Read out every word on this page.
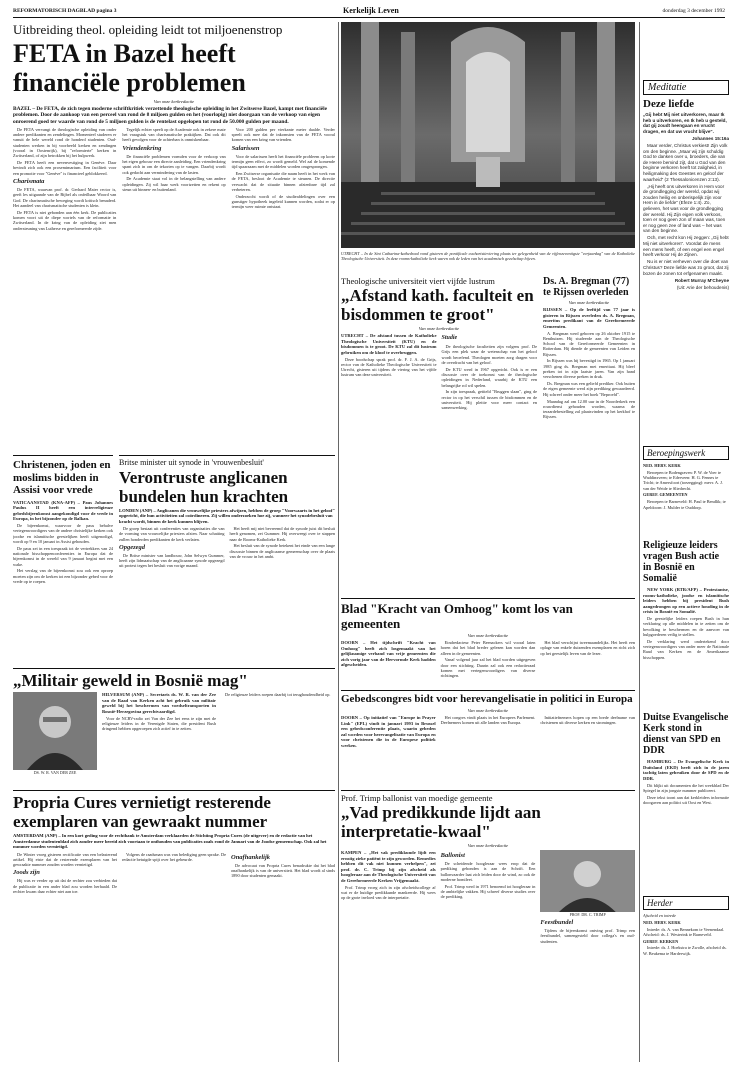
REFORMATORISCH DAGBLAD pagina 3	Kerkelijk Leven	donderdag 3 december 1992
Uitbreiding theol. opleiding leidt tot miljoenenstrop
FETA in Bazel heeft financiële problemen
Van onze kerkredactie
BAZEL – De FETA, de zich tegen moderne schriftkritiek verzettende theologische opleiding in het Zwitserse Bazel, kampt met financiële problemen. Door de aankoop van een perceel van rond de 8 miljoen gulden en het (voorlopig) niet doorgaan van de verkoop van eigen onroerend goed ter waarde van rond de 5 miljoen gulden is de rentelast opgelopen tot rond de 50.000 gulden per maand.

De FETA vervangt de theologische opleiding van onder andere predikanten en zendelingen. Momenteel studeren er vanuit de hele wereld rond de honderd studenten. Oud-studenten werken in bij voorbeeld kerken en zendingen (vooral in Oostenrijk), bij "reformierte" kerken in Zwitserland, of zijn betrokken bij het hulpwerk.

De FETA heeft een nevenvestiging in Genève. Daar bevindt zich ook een prosemimarium. Een faciliteit voor een promotie voor "Genève" is financieel geblokkeerd.

Charismata

De FETA, waarvan prof. dr. Gerhard Maier rector is, geeft les uitgaande van de Bijbel als onfeilbaar Woord van God. De charismatische beweging wordt kritisch benaderd. Het aandeel van charismatische studenten is klein.

De FETA is niet gebonden aan één kerk. De publicaties komen voort uit de diepe wortels van de reformatie in Zwitserland. In de kring van de opleiding ziet men ondersteuning van Lutherse en gereformeerde zijde.

Tegelijk echter speelt op de Academie ook in zekere mate het vraagstuk van charismatische praktijken. Dat ook dit heeft gevolgen voor de achterban is onmiskenbaar.

Vriendenkring

De financiële problemen vormden voor de verkoop van het eigen gebouw een directe aanleiding. Een vriendenkring spant zich in om de tekorten op te vangen. Daarbij wordt ook gedacht aan vermindering van de lasten.

De Academie staat vol in de belangstelling van andere opleidingen. Zij wil haar werk voortzetten en rekent op steun uit binnen- en buitenland.

Voor 200 gulden per vierkante meter daalde. Verder speelt ook mee dat de inkomsten van de FETA vooral komen van een kring van vrienden.

Salarissen

Voor de salarissen heeft het financiële probleem op korte termijn geen effect, zo wordt gemeld. Wel zal de komende tijd spaarzaam met de middelen worden omgesprongen.

Een Zwitserse organisatie die naam heeft in het werk van de FETA, besloot de Academie te steunen. De directie verwacht dat de situatie binnen afzienbare tijd zal verbeteren.

Onderzocht wordt of de studieafdelingen over een gunstiger hypotheek ingeleid kunnen worden, zodat er op termijn weer ruimte ontstaat.

UTRECHT – In de Sint Catharina-kathedraal vond gisteren de pontificale eucharistieviering plaats ter gelegenheid van de vijfenzeventigste "verjaardag" van de Katholieke Theologische Universiteit. In deze rooms-katholieke kerk waren ook de leden van het academisch gezelschap bijeen.
Meditatie
Deze liefde

„Gij hebt Mij niet uitverkoren, maar Ik heb u uitverkoren, en Ik heb u gesteld, dat gij zoudt heengaan en vrucht dragen, en dat uw vrucht blijve".

Johannes 15:16a

Maar verder, Christus verkiest! Zijn volk om den beginne. „Maar wij zijn schuldig God te danken over u, broeders, die van de Heere bemind zijt, dat u God van den beginne verkoren heeft tot zaligheid, in heiligmaking des Geestes en geloof der waarheid" (2 Thessalonicenzen 2:13).

„Hij heeft ons uitverkoren in Hem voor de grondlegging der wereld, opdat wij zouden heilig en onberispelijk zijn voor Hem in de liefde" (Efeze 1:4). Zo, gelieven, het was voor de grondlegging der wereld. Hij Zijn eigen volk verkoos, toen er nog geen zon of maan was, toen er nog geen zee of land was – het was van den beginne.

Och, met recht kon Hij zeggen: „Gij hebt Mij niet uitverkoren". Voordat de mens een mens heeft, of een engel een engel heeft verkoor Hij de Zijnen.

Nu is er niet verheven over die doet van Christus? Deze liefde was zo groot, dat zij bozen de zonen tot erfgenamen maakt.

Robert Murray M'Cheyne

(Uit: Arie der behoudenis)

Beroepingswerk

NED. HERV. KERK

Beroepen te Bodengraven: P. W. de Voer te Waddinxveen; te Ederveen: H. G. Fennes te Tricht; te Amersfoort (toezegging): mevr. A. J. van der Weide te Sliedrecht.

GEREF. GEMEENTEN

Beroepen te Barneveld: H. Paul te Bendlik; te Apeldoorn: J. Mulder te Ouddorp.

Religieuze leiders vragen Bush actie in Bosnië en Somalië

NEW YORK (RTR/AFP) – Protestantse, rooms-katholieke, joodse en islamitische leiders hebben bij president Bush aangedrongen op een actieve houding in de crisis in Bosnië en Somalië.

De geestelijke leiders roepen Bush in hun verklaring op alle middelen in te zetten om de bevolking te beschermen en de aanvoer van hulpgoederen veilig te stellen.

De verklaring werd ondertekend door vertegenwoordigers van onder meer de Nationale Raad van Kerken en de Amerikaanse bisschoppen.

Duitse Evangelische Kerk stond in dienst van SPD en DDR

HAMBURG – De Evangelische Kerk in Duitsland (EKD) heeft zich in de jaren tachtig laten gebruiken door de SPD en de DDR.

Dit blijkt uit documenten die het weekblad Der Spiegel in zijn jongste nummer publiceert.

Deze tekst toont aan dat kerkleiders informatie doorgaven aan politici uit Oost en West.

Herder

Afscheid en intrede

NED. HERV. KERK

Intrede: ds. A. van Bennekom te Veenendaal. Afscheid: ds. J. Westerink te Barneveld.

GEREF. KERKEN

Intrede: ds. J. Hoekstra te Zwolle, afscheid ds. W. Beukema te Harderwijk.

Theologische universiteit viert vijfde lustrum
„Afstand kath. faculteit en bisdommen te groot"
Van onze kerkredactie

UTRECHT – De afstand tussen de Katholieke Theologische Universiteit (KTU) en de bisdommen is te groot. De KTU zal dit lustrum gebruiken om de kloof te overbruggen.

Deze boodschap sprak prof. dr. F. J. A. de Grijs, rector van de Katholieke Theologische Universiteit te Utrecht, gisteren uit tijdens de viering van het vijfde lustrum van deze universiteit.

Studie

De theologische faculteiten zijn volgens prof. De Grijs een plek waar de wetenschap van het geloof wordt beoefend. Theologen moeten zorg dragen voor de overdracht van het geloof.

De KTU werd in 1967 opgericht. Ook is er een discussie over de toekomst van de theologische opleidingen in Nederland, waarbij de KTU een belangrijke rol wil spelen.

In zijn toespraak, getiteld "Bruggen slaan", ging de rector in op het verschil tussen de bisdommen en de universiteit. Hij pleitte voor meer contact en samenwerking.

Ds. A. Bregman (77) te Rijssen overleden
Van onze kerkredactie

RIJSSEN – Op de leeftijd van 77 jaar is gisteren in Rijssen overleden ds. A. Bregman, emeritus predikant van de Gereformeerde Gemeenten.

A. Bregman werd geboren op 26 oktober 1915 te Benthuizen. Hij studeerde aan de Theologische School van de Gereformeerde Gemeenten in Rotterdam. Hij diende de gemeenten van Leiden en Rijssen.

In Rijssen was hij bevestigd in 1965. Op 1 januari 1985 ging ds. Bregman met emeritaat. Hij bleef preken tot in zijn laatste jaren. Van zijn hand verschenen diverse preken in druk.

Ds. Bregman was een geliefd prediker. Ook buiten de eigen gemeente werd zijn prediking gewaardeerd. Hij schreef onder meer het boek "Beproefd".

Maandag zal om 12.00 uur in de Noorderkerk een rouwdienst gehouden worden, waarna de teraardebestelling zal plaatsvinden op het kerkhof te Rijssen.

Christenen, joden en moslims bidden in Assisi voor vrede

VATICAANSTAD (KNA-AFP) – Paus Johannes Paulus II heeft een interreligieuze gebedsbijeenkomst aangekondigd voor de vrede in Europa, in het bijzonder op de Balkan.

De bijeenkomst, waarvoor de paus behalve vertegenwoordigers van de andere christelijke kerken ook joodse en islamitische geestelijken heeft uitgenodigd, wordt op 9 en 10 januari in Assisi gehouden.

De paus zei in een toespraak tot de vertrekkers van 24 nationale bisschoppenconferenties in Europa dat de bijeenkomst in de wereld van 9 januari begint met een wake.

Het verslag van de bijeenkomst zou ook een oproep moeten zijn om de kerken tot een bijzonder gebed voor de vrede op te roepen.

Britse minister uit synode in 'vrouwenbesluit'
Verontruste anglicanen bundelen hun krachten
LONDEN (ANP) – Anglicanen die vrouwelijke priesters afwijzen, hebben de groep "Voorwaarts in het geloof" opgericht, die hun activiteiten zal coördineren. Zij willen onderzoeken hoe zij, wanneer het synodebesluit van kracht wordt, binnen de kerk kunnen blijven.

De groep bestaat uit conferenties van organisaties die van de vorming van vrouwelijke priesters afzien. Naar schatting zullen honderden predikanten de kerk verlaten.

Opgezegd

De Britse minister van landbouw, John Selwyn Gummer, heeft zijn lidmaatschap van de anglicaanse synode opgezegd uit protest tegen het besluit van vorige maand.

Het heeft mij niet bevreemd dat de synode juist dit besluit heeft genomen, zei Gummer. Hij overweegt over te stappen naar de Rooms-Katholieke Kerk.

Het besluit van de synode betekent het einde van een lange discussie binnen de anglicaanse gemeenschap over de plaats van de vrouw in het ambt.

Blad "Kracht van Omhoog" komt los van gemeenten
Van onze kerkredactie

DOORN – Het tijdschrift "Kracht van Omhoog" heeft zich losgemaakt van het gelijknamige verband van vrije gemeenten die zich vorig jaar van de Hervormde Kerk hadden afgescheiden.

Eindredacteur Peter Beenackers wil vooral laten horen dat het blad breder gelezen kan worden dan alleen in de gemeenten.

Vanaf volgend jaar zal het blad worden uitgegeven door een stichting. Daarin zal ook een redactieraad komen met vertegenwoordigers van diverse richtingen.

Het blad verschijnt tweemaandelijks. Het heeft een oplage van enkele duizenden exemplaren en richt zich op het geestelijk leven van de lezer.

„Militair geweld in Bosnië mag"
DS. W. R. VAN DER ZEE

HILVERSUM (ANP) – Secretaris ds. W. R. van der Zee van de Raad van Kerken acht het gebruik van militair geweld bij het beschermen van voedseltransporten in Bosnië-Herzegovina gerechtvaardigd.

Voor de NCRV-radio zei Van der Zee het eens te zijn met de religieuze leiders in de Verenigde Staten, die president Bush dringend hebben opgeroepen zich actief in te zetten.

De religieuze leiders roepen daarbij tot terughoudendheid op. Gebedscongres bidt voor herevangelisatie in politici in Europa
Van onze kerkredactie

DOORN – Op initiatief van "Europe in Prayer Link" (EPL) vindt in januari 1993 in Brussel een gebedsconferentie plaats, waarin gebeden zal worden voor herevangelisatie van Europa en voor christenen die in de Europese politiek werken.

Het congres vindt plaats in het Europees Parlement. Deelnemers komen uit alle landen van Europa.

Initiatiefnemers hopen op een brede deelname van christenen uit diverse kerken en stromingen.

Propria Cures vernietigt resterende exemplaren van gewraakt nummer
AMSTERDAM (ANP) – In een kort geding voor de rechtbank te Amsterdam verklaarden de Stichting Propria Cures (de uitgever) en de redactie van het Amsterdamse studentenblad zich zonder meer bereid zich voortaan te onthouden van publicaties zoals rond de Januari van de Joodse gemeenschap. Ook zal het nummer worden vernietigd.

De Winter vroeg gisteren rectificatie van een belasterend artikel. Hij eiste dat de resterende exemplaren van het gewraakte nummer zouden worden vernietigd.

Joods zijn

Hij was er verder op uit dat de rechter zou verbieden dat de publicatie in een ander blad zou worden herhaald. De rechter kwam daar echter niet aan toe.

Volgens de raadsman was van belediging geen sprake. De redactie betuigde spijt over het gebeurde.	Onafhankelijk

De advocaat van Propria Cures benadrukte dat het blad onafhankelijk is van de universiteit. Het blad wordt al sinds 1890 door studenten gemaakt.

Prof. Trimp ballonist van moedige gemeente
„Vad predikkunde lijdt aan interpretatie-kwaal"
Van onze kerkredactie

KAMPEN – „Het vak predikkunde lijdt een ernstig zieke patiënt te zijn geworden. Remedies hebben dit vak niet kunnen verhelpen", zei prof. dr. C. Trimp bij zijn afscheid als hoogleraar aan de Theologische Universiteit van de Gereformeerde Kerken Vrijgemaakt.

Prof. Trimp vroeg zich in zijn afscheidscollege af wat er de huidige predikkunde mankeerde. Hij wees op de grote invloed van de interpretatie.

Ballonist

De scheidende hoogleraar wees erop dat de prediking gebonden is aan de Schrift. Een ballonvaarder laat zich leiden door de wind, zo ook de moderne homileet.

Prof. Trimp werd in 1971 benoemd tot hoogleraar in de ambtelijke vakken. Hij schreef diverse studies over de prediking.

PROF. DR. C. TRIMP
Feestbundel

Tijdens de bijeenkomst ontving prof. Trimp een feestbundel, samengesteld door collega's en oud-studenten.
